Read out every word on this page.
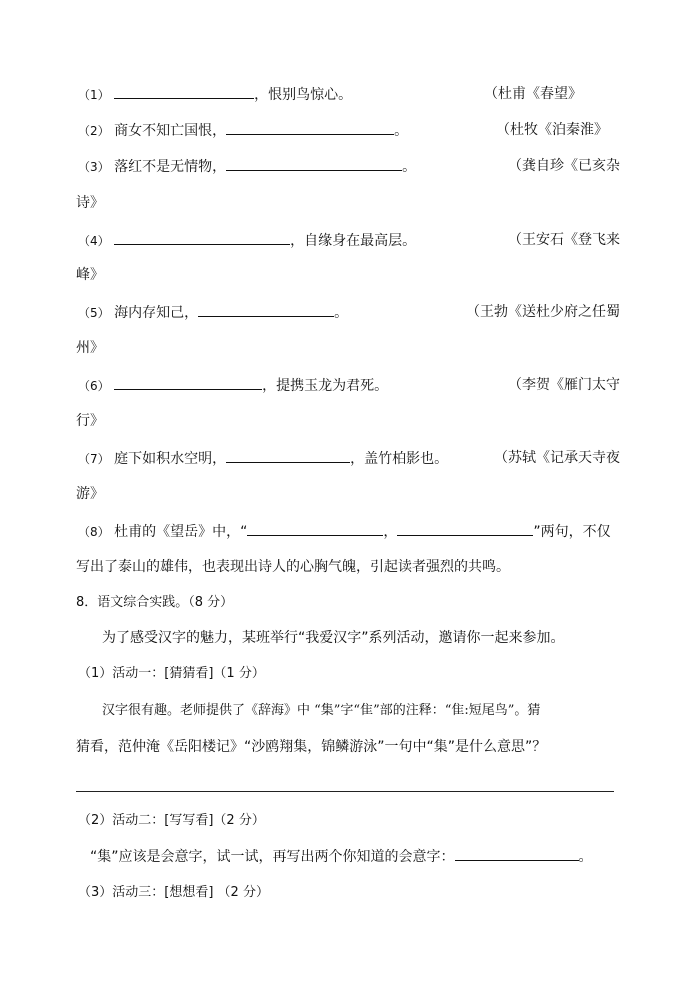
（1）	，恨别鸟惊心。	（杜甫《春望》
（2） 商女不知亡国恨，	。	（杜牧《泊秦淮》
（3） 落红不是无情物，	。	（龚自珍《已亥杂
诗》
（4）	，自缘身在最高层。	（王安石《登飞来
峰》
（5） 海内存知己，	。	（王勃《送杜少府之任蜀
州》
（6）	，提携玉龙为君死。	（李贺《雁门太守
行》
（7） 庭下如积水空明，	，盖竹柏影也。	（苏轼《记承天寺夜
游》
（8） 杜甫的《望岳》中，“	，	”两句，不仅
写出了泰山的雄伟，也表现出诗人的心胸气魄，引起读者强烈的共鸣。
8．语文综合实践。（8 分）
为了感受汉字的魅力，某班举行“我爱汉字”系列活动，邀请你一起来参加。
（1）活动一：[猜猜看]（1 分）
汉字很有趣。老师提供了《辞海》中 “集”字“隹”部的注释：“隹:短尾鸟”。猜
猜看，范仲淹《岳阳楼记》“沙鸥翔集，锦鳞游泳”一句中“集”是什么意思”？
（2）活动二：[写写看]（2 分）
“集”应该是会意字，试一试，再写出两个你知道的会意字：	。
（3）活动三：[想想看] （2 分）
